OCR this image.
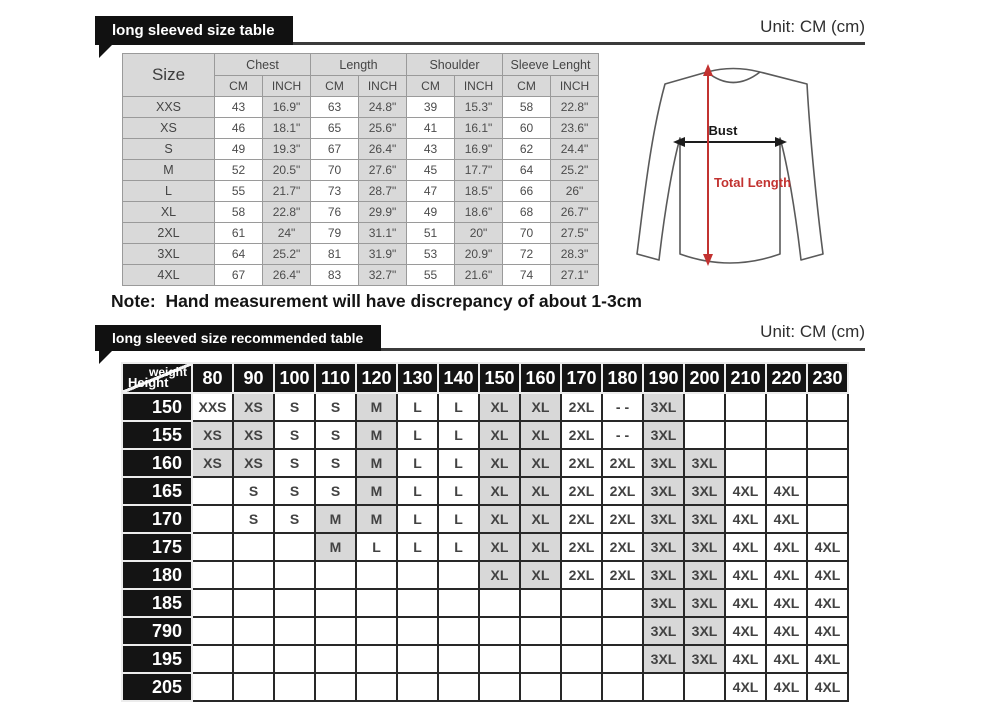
long sleeved size table	Unit: CM (cm)
Size	Chest		Length		Shoulder		Sleeve Lenght	
	CM	INCH	CM	INCH	CM	INCH	CM	INCH
XXS	43	16.9"	63	24.8"	39	15.3"	58	22.8"
XS	46	18.1"	65	25.6"	41	16.1"	60	23.6"
S	49	19.3"	67	26.4"	43	16.9"	62	24.4"
M	52	20.5"	70	27.6"	45	17.7"	64	25.2"
L	55	21.7"	73	28.7"	47	18.5"	66	26"
XL	58	22.8"	76	29.9"	49	18.6"	68	26.7"
2XL	61	24"	79	31.1"	51	20"	70	27.5"
3XL	64	25.2"	81	31.9"	53	20.9"	72	28.3"
4XL	67	26.4"	83	32.7"	55	21.6"	74	27.1"
Bust
Total Length
Note:  Hand measurement will have discrepancy of about 1-3cm
long sleeved size recommended table	Unit: CM (cm)
weight
Height	80	90	100	110	120	130	140	150	160	170	180	190	200	210	220	230
150	XXS	XS	S	S	M	L	L	XL	XL	2XL	- -	3XL				
155	XS	XS	S	S	M	L	L	XL	XL	2XL	- -	3XL				
160	XS	XS	S	S	M	L	L	XL	XL	2XL	2XL	3XL	3XL			
165		S	S	S	M	L	L	XL	XL	2XL	2XL	3XL	3XL	4XL	4XL	
170		S	S	M	M	L	L	XL	XL	2XL	2XL	3XL	3XL	4XL	4XL	
175				M	L	L	L	XL	XL	2XL	2XL	3XL	3XL	4XL	4XL	4XL
180								XL	XL	2XL	2XL	3XL	3XL	4XL	4XL	4XL
185												3XL	3XL	4XL	4XL	4XL
790												3XL	3XL	4XL	4XL	4XL
195												3XL	3XL	4XL	4XL	4XL
205														4XL	4XL	4XL
